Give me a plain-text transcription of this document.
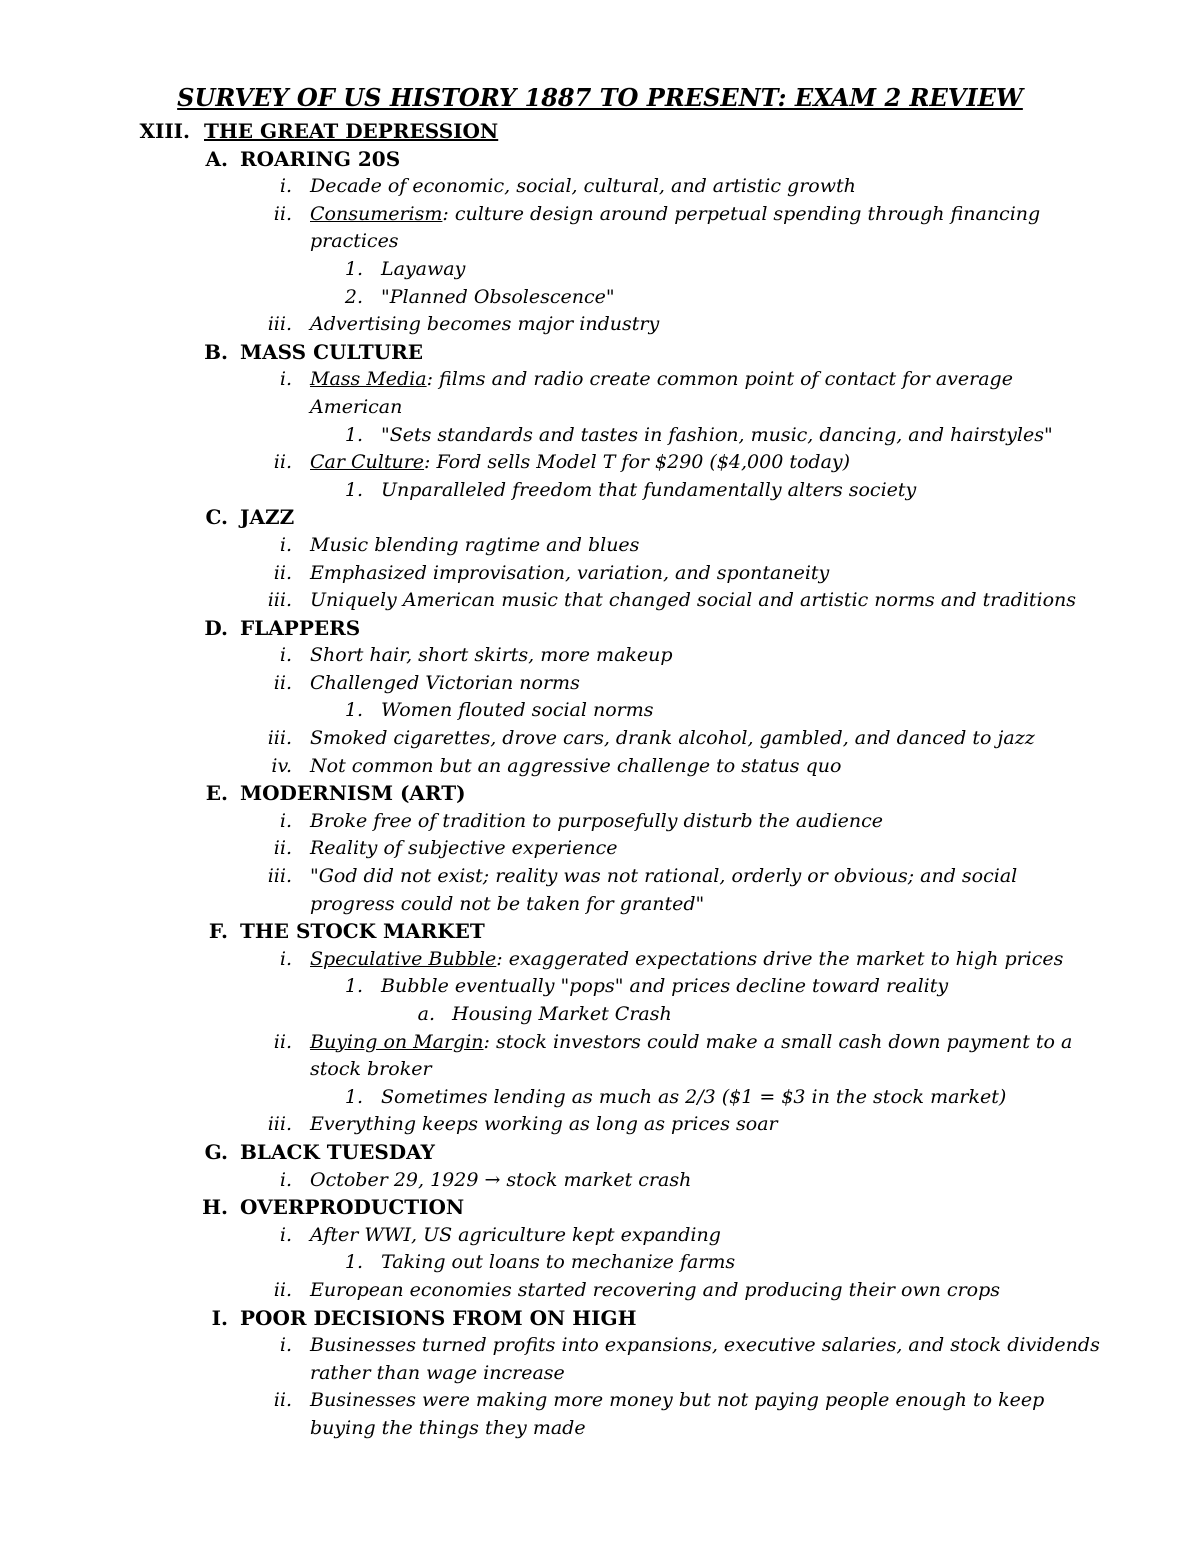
SURVEY OF US HISTORY 1887 TO PRESENT: EXAM 2 REVIEW
XIII. THE GREAT DEPRESSION
A. ROARING 20S
i. Decade of economic, social, cultural, and artistic growth
ii. Consumerism: culture design around perpetual spending through financing
practices
1. Layaway
2. "Planned Obsolescence"
iii. Advertising becomes major industry
B. MASS CULTURE
i. Mass Media: films and radio create common point of contact for average
American
1. "Sets standards and tastes in fashion, music, dancing, and hairstyles"
ii. Car Culture: Ford sells Model T for $290 ($4,000 today)
1. Unparalleled freedom that fundamentally alters society
C. JAZZ
i. Music blending ragtime and blues
ii. Emphasized improvisation, variation, and spontaneity
iii. Uniquely American music that changed social and artistic norms and traditions
D. FLAPPERS
i. Short hair, short skirts, more makeup
ii. Challenged Victorian norms
1. Women flouted social norms
iii. Smoked cigarettes, drove cars, drank alcohol, gambled, and danced to jazz
iv. Not common but an aggressive challenge to status quo
E. MODERNISM (ART)
i. Broke free of tradition to purposefully disturb the audience
ii. Reality of subjective experience
iii. "God did not exist; reality was not rational, orderly or obvious; and social
progress could not be taken for granted"
F. THE STOCK MARKET
i. Speculative Bubble: exaggerated expectations drive the market to high prices
1. Bubble eventually "pops" and prices decline toward reality
a. Housing Market Crash
ii. Buying on Margin: stock investors could make a small cash down payment to a
stock broker
1. Sometimes lending as much as 2/3 ($1 = $3 in the stock market)
iii. Everything keeps working as long as prices soar
G. BLACK TUESDAY
i. October 29, 1929 → stock market crash
H. OVERPRODUCTION
i. After WWI, US agriculture kept expanding
1. Taking out loans to mechanize farms
ii. European economies started recovering and producing their own crops
I. POOR DECISIONS FROM ON HIGH
i. Businesses turned profits into expansions, executive salaries, and stock dividends
rather than wage increase
ii. Businesses were making more money but not paying people enough to keep
buying the things they made
